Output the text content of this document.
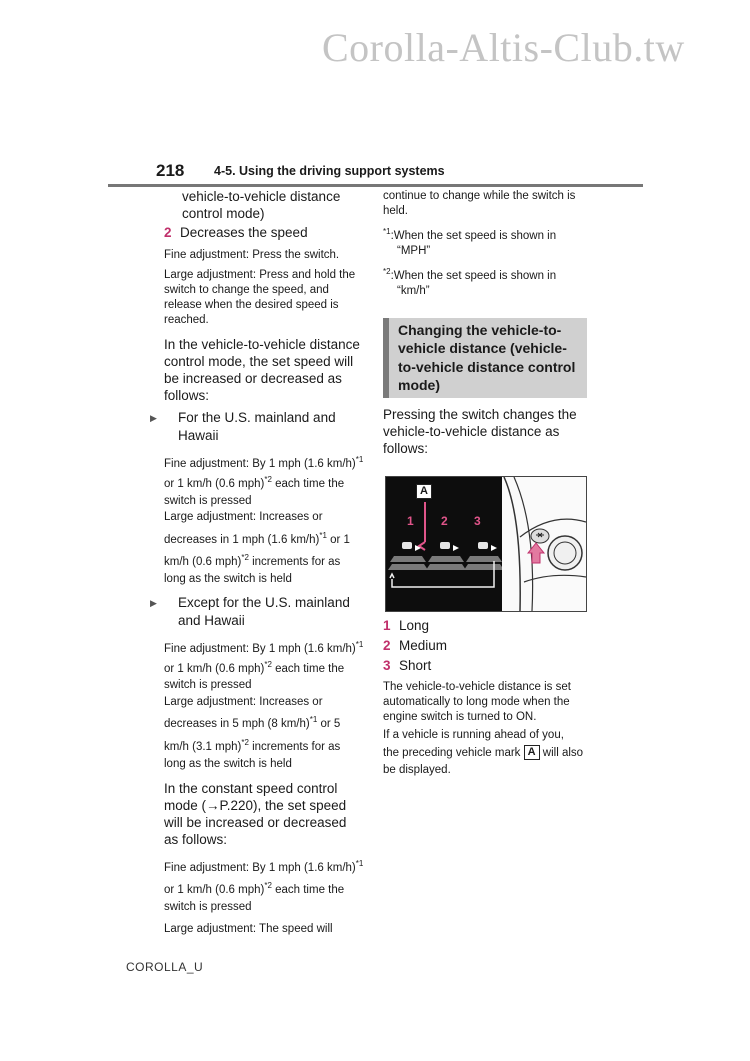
Corolla-Altis-Club.tw
218 4-5. Using the driving support systems

vehicle-to-vehicle distance control mode)

2 Decreases the speed

Fine adjustment: Press the switch.

Large adjustment: Press and hold the switch to change the speed, and release when the desired speed is reached.

In the vehicle-to-vehicle distance control mode, the set speed will be increased or decreased as follows:

▶ For the U.S. mainland and Hawaii

Fine adjustment: By 1 mph (1.6 km/h)$^{*1}$ or 1 km/h (0.6 mph)$^{*2}$ each time the switch is pressed

Large adjustment: Increases or decreases in 1 mph (1.6 km/h)$^{*1}$ or 1 km/h (0.6 mph)$^{*2}$ increments for as long as the switch is held

▶ Except for the U.S. mainland and Hawaii

Fine adjustment: By 1 mph (1.6 km/h)$^{*1}$ or 1 km/h (0.6 mph)$^{*2}$ each time the switch is pressed

Large adjustment: Increases or decreases in 5 mph (8 km/h)$^{*1}$ or 5 km/h (3.1 mph)$^{*2}$ increments for as long as the switch is held

In the constant speed control mode (→P.220), the set speed will be increased or decreased as follows:

Fine adjustment: By 1 mph (1.6 km/h)$^{*1}$ or 1 km/h (0.6 mph)$^{*2}$ each time the switch is pressed

Large adjustment: The speed will

continue to change while the switch is held.

$^{*1}$:When the set speed is shown in “MPH”

$^{*2}$:When the set speed is shown in “km/h”

Changing the vehicle-to-vehicle distance (vehicle-to-vehicle distance control mode)

Pressing the switch changes the vehicle-to-vehicle distance as follows:

A
1 2 3

1 Long

2 Medium

3 Short

The vehicle-to-vehicle distance is set automatically to long mode when the engine switch is turned to ON.

If a vehicle is running ahead of you,

the preceding vehicle mark A will also be displayed.

COROLLA_U
